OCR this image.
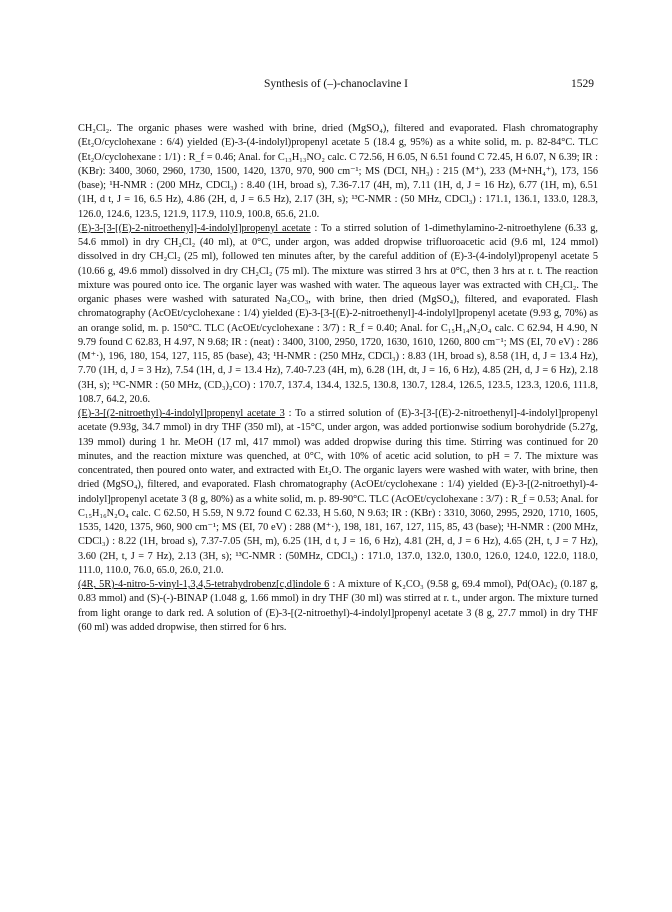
Synthesis of (–)-chanoclavine I	1529

CH₂Cl₂. The organic phases were washed with brine, dried (MgSO₄), filtered and evaporated. Flash chromatography (Et₂O/cyclohexane : 6/4) yielded (E)-3-(4-indolyl)propenyl acetate 5 (18.4 g, 95%) as a white solid, m. p. 82-84°C. TLC (Et₂O/cyclohexane : 1/1) : R_f = 0.46; Anal. for C₁₃H₁₃NO₂ calc. C 72.56, H 6.05, N 6.51 found C 72.45, H 6.07, N 6.39; IR : (KBr): 3400, 3060, 2960, 1730, 1500, 1420, 1370, 970, 900 cm⁻¹; MS (DCI, NH₃) : 215 (M⁺), 233 (M+NH₄⁺), 173, 156 (base); ¹H-NMR : (200 MHz, CDCl₃) : 8.40 (1H, broad s), 7.36-7.17 (4H, m), 7.11 (1H, d, J = 16 Hz), 6.77 (1H, m), 6.51 (1H, d t, J = 16, 6.5 Hz), 4.86 (2H, d, J = 6.5 Hz), 2.17 (3H, s); ¹³C-NMR : (50 MHz, CDCl₃) : 171.1, 136.1, 133.0, 128.3, 126.0, 124.6, 123.5, 121.9, 117.9, 110.9, 100.8, 65.6, 21.0.

(E)-3-[3-[(E)-2-nitroethenyl]-4-indolyl]propenyl acetate : To a stirred solution of 1-dimethylamino-2-nitroethylene (6.33 g, 54.6 mmol) in dry CH₂Cl₂ (40 ml), at 0°C, under argon, was added dropwise trifluoroacetic acid (9.6 ml, 124 mmol) dissolved in dry CH₂Cl₂ (25 ml), followed ten minutes after, by the careful addition of (E)-3-(4-indolyl)propenyl acetate 5 (10.66 g, 49.6 mmol) dissolved in dry CH₂Cl₂ (75 ml). The mixture was stirred 3 hrs at 0°C, then 3 hrs at r. t. The reaction mixture was poured onto ice. The organic layer was washed with water. The aqueous layer was extracted with CH₂Cl₂. The organic phases were washed with saturated Na₂CO₃, with brine, then dried (MgSO₄), filtered, and evaporated. Flash chromatography (AcOEt/cyclohexane : 1/4) yielded (E)-3-[3-[(E)-2-nitroethenyl]-4-indolyl]propenyl acetate (9.93 g, 70%) as an orange solid, m. p. 150°C. TLC (AcOEt/cyclohexane : 3/7) : R_f = 0.40; Anal. for C₁₅H₁₄N₂O₄ calc. C 62.94, H 4.90, N 9.79 found C 62.83, H 4.97, N 9.68; IR : (neat) : 3400, 3100, 2950, 1720, 1630, 1610, 1260, 800 cm⁻¹; MS (EI, 70 eV) : 286 (M⁺·), 196, 180, 154, 127, 115, 85 (base), 43; ¹H-NMR : (250 MHz, CDCl₃) : 8.83 (1H, broad s), 8.58 (1H, d, J = 13.4 Hz), 7.70 (1H, d, J = 3 Hz), 7.54 (1H, d, J = 13.4 Hz), 7.40-7.23 (4H, m), 6.28 (1H, dt, J = 16, 6 Hz), 4.85 (2H, d, J = 6 Hz), 2.18 (3H, s); ¹³C-NMR : (50 MHz, (CD₃)₂CO) : 170.7, 137.4, 134.4, 132.5, 130.8, 130.7, 128.4, 126.5, 123.5, 123.3, 120.6, 111.8, 108.7, 64.2, 20.6.

(E)-3-[(2-nitroethyl)-4-indolyl]propenyl acetate 3 : To a stirred solution of (E)-3-[3-[(E)-2-nitroethenyl]-4-indolyl]propenyl acetate (9.93g, 34.7 mmol) in dry THF (350 ml), at -15°C, under argon, was added portionwise sodium borohydride (5.27g, 139 mmol) during 1 hr. MeOH (17 ml, 417 mmol) was added dropwise during this time. Stirring was continued for 20 minutes, and the reaction mixture was quenched, at 0°C, with 10% of acetic acid solution, to pH = 7. The mixture was concentrated, then poured onto water, and extracted with Et₂O. The organic layers were washed with water, with brine, then dried (MgSO₄), filtered, and evaporated. Flash chromatography (AcOEt/cyclohexane : 1/4) yielded (E)-3-[(2-nitroethyl)-4-indolyl]propenyl acetate 3 (8 g, 80%) as a white solid, m. p. 89-90°C. TLC (AcOEt/cyclohexane : 3/7) : R_f = 0.53; Anal. for C₁₅H₁₆N₂O₄ calc. C 62.50, H 5.59, N 9.72 found C 62.33, H 5.60, N 9.63; IR : (KBr) : 3310, 3060, 2995, 2920, 1710, 1605, 1535, 1420, 1375, 960, 900 cm⁻¹; MS (EI, 70 eV) : 288 (M⁺·), 198, 181, 167, 127, 115, 85, 43 (base); ¹H-NMR : (200 MHz, CDCl₃) : 8.22 (1H, broad s), 7.37-7.05 (5H, m), 6.25 (1H, d t, J = 16, 6 Hz), 4.81 (2H, d, J = 6 Hz), 4.65 (2H, t, J = 7 Hz), 3.60 (2H, t, J = 7 Hz), 2.13 (3H, s); ¹³C-NMR : (50MHz, CDCl₃) : 171.0, 137.0, 132.0, 130.0, 126.0, 124.0, 122.0, 118.0, 111.0, 110.0, 76.0, 65.0, 26.0, 21.0.

(4R, 5R)-4-nitro-5-vinyl-1,3,4,5-tetrahydrobenz[c,d]indole 6 : A mixture of K₂CO₃ (9.58 g, 69.4 mmol), Pd(OAc)₂ (0.187 g, 0.83 mmol) and (S)-(-)-BINAP (1.048 g, 1.66 mmol) in dry THF (30 ml) was stirred at r. t., under argon. The mixture turned from light orange to dark red. A solution of (E)-3-[(2-nitroethyl)-4-indolyl]propenyl acetate 3 (8 g, 27.7 mmol) in dry THF (60 ml) was added dropwise, then stirred for 6 hrs.
